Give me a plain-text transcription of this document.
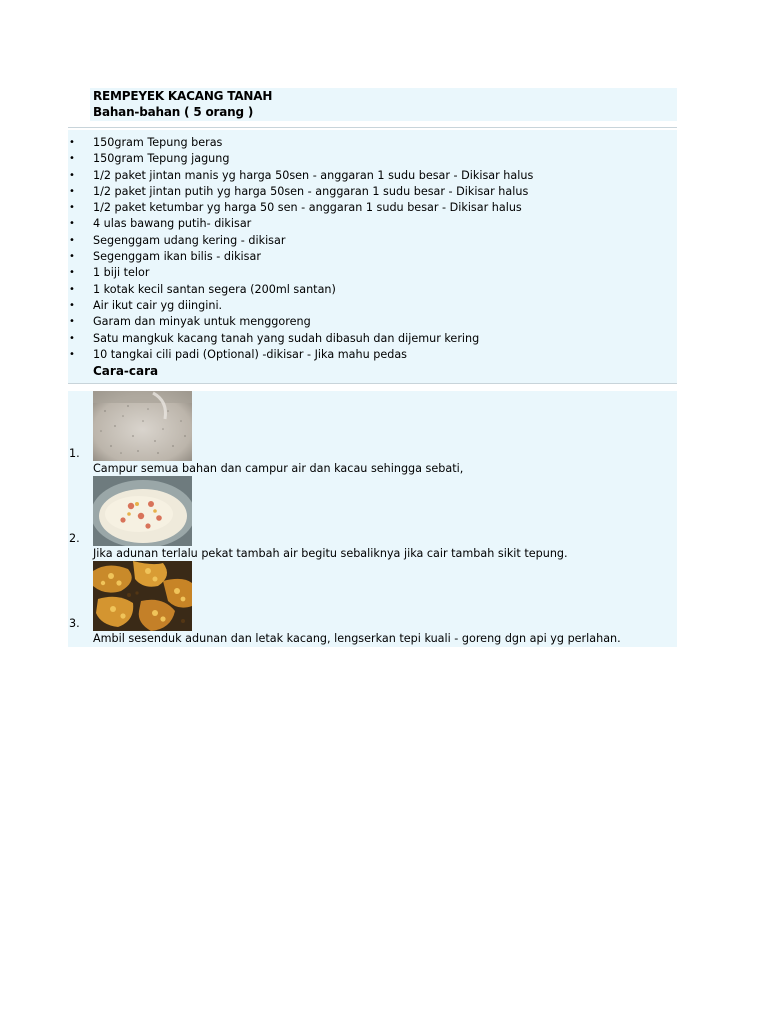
REMPEYEK KACANG TANAH
Bahan-bahan ( 5 orang )
• 150gram Tepung beras
• 150gram Tepung jagung
• 1/2 paket jintan manis yg harga 50sen - anggaran 1 sudu besar - Dikisar halus
• 1/2 paket jintan putih yg harga 50sen - anggaran 1 sudu besar - Dikisar halus
• 1/2 paket ketumbar yg harga 50 sen - anggaran 1 sudu besar - Dikisar halus
• 4 ulas bawang putih- dikisar
• Segenggam udang kering - dikisar
• Segenggam ikan bilis - dikisar
• 1 biji telor
• 1 kotak kecil santan segera (200ml santan)
• Air ikut cair yg diingini.
• Garam dan minyak untuk menggoreng
• Satu mangkuk kacang tanah yang sudah dibasuh dan dijemur kering
• 10 tangkai cili padi (Optional) -dikisar - Jika mahu pedas
Cara-cara
1.
Campur semua bahan dan campur air dan kacau sehingga sebati,
2.
Jika adunan terlalu pekat tambah air begitu sebaliknya jika cair tambah sikit tepung.
3.
Ambil sesenduk adunan dan letak kacang, lengserkan tepi kuali - goreng dgn api yg perlahan.
